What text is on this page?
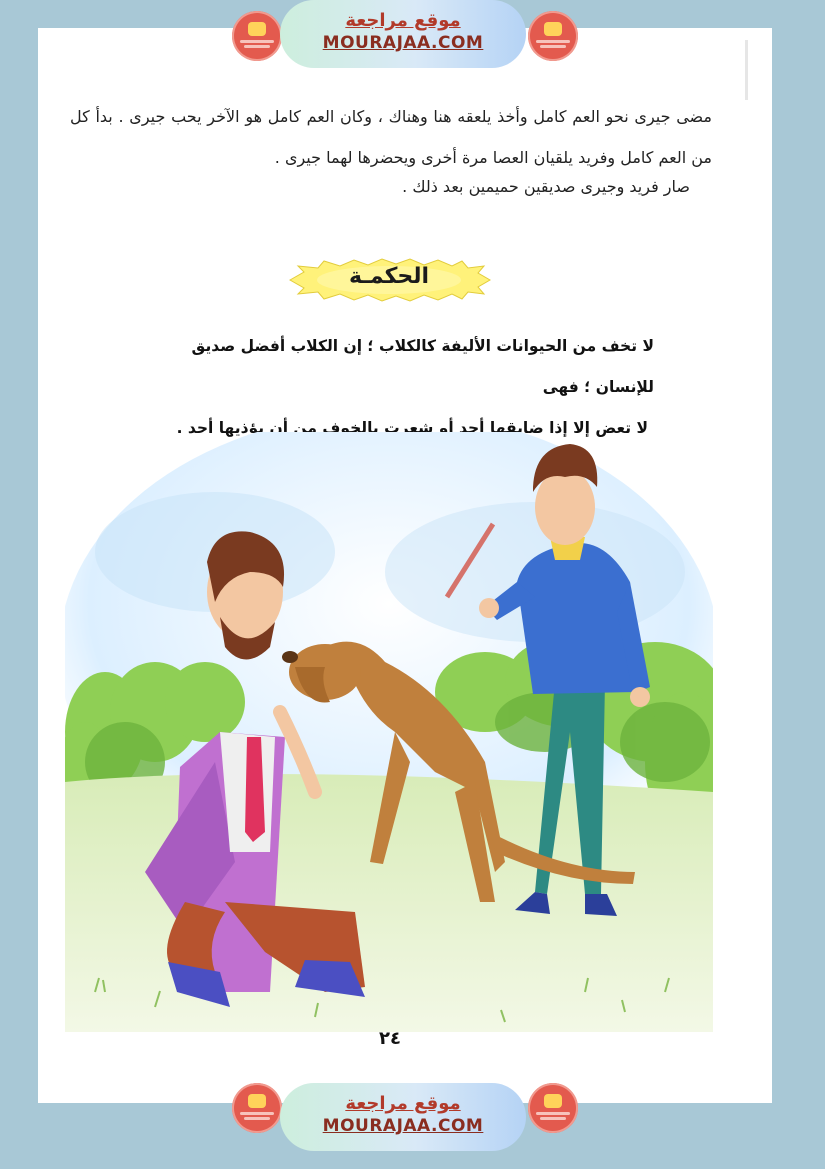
موقع مراجعة
MOURAJAA.COM

مضى جيرى نحو العم كامل وأخذ يلعقه هنا وهناك ، وكان العم كامل هو الآخر يحب جيرى . بدأ كل من العم كامل وفريد يلقيان العصا مرة أخرى ويحضرها لهما جيرى .

صار فريد وجيرى صديقين حميمين بعد ذلك .

الحكمـة

لا تخف من الحيوانات الأليفة كالكلاب ؛ إن الكلاب أفضل صديق للإنسان ؛ فهى

لا تعض إلا إذا ضايقها أحد أو شعرت بالخوف من أن يؤذيها أحد .

٢٤
موقع مراجعة
MOURAJAA.COM
